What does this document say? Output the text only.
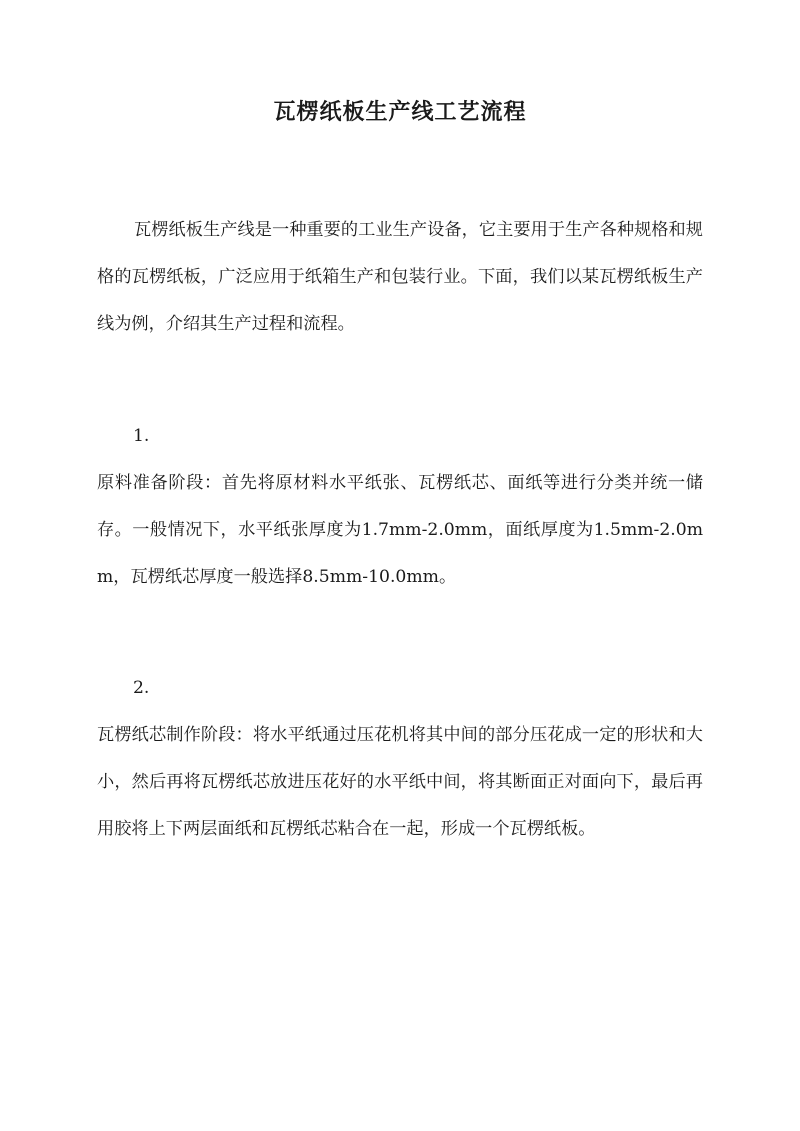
瓦楞纸板生产线工艺流程

瓦楞纸板生产线是一种重要的工业生产设备，它主要用于生产各种规格和规格的瓦楞纸板，广泛应用于纸箱生产和包装行业。下面，我们以某瓦楞纸板生产线为例，介绍其生产过程和流程。

1.

原料准备阶段：首先将原材料水平纸张、瓦楞纸芯、面纸等进行分类并统一储存。一般情况下，水平纸张厚度为1.7mm-2.0mm，面纸厚度为1.5mm-2.0mm，瓦楞纸芯厚度一般选择8.5mm-10.0mm。

2.

瓦楞纸芯制作阶段：将水平纸通过压花机将其中间的部分压花成一定的形状和大小，然后再将瓦楞纸芯放进压花好的水平纸中间，将其断面正对面向下，最后再用胶将上下两层面纸和瓦楞纸芯粘合在一起，形成一个瓦楞纸板。
